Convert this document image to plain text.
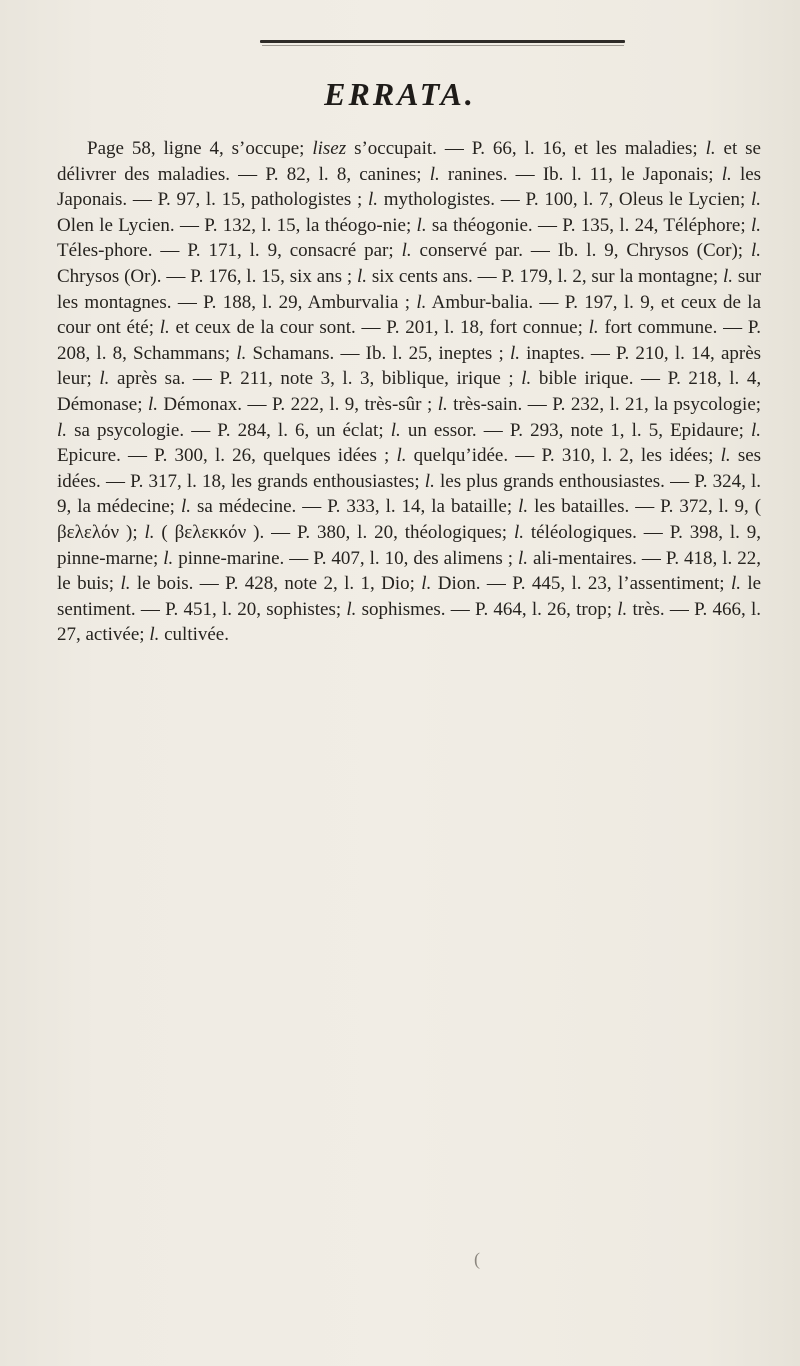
ERRATA.
Page 58, ligne 4, s’occupe; lisez s’occupait. — P. 66, l. 16, et les maladies; l. et se délivrer des maladies. — P. 82, l. 8, canines; l. ranines. — Ib. l. 11, le Japonais; l. les Japonais. — P. 97, l. 15, pathologistes ; l. mythologistes. — P. 100, l. 7, Oleus le Lycien; l. Olen le Lycien. — P. 132, l. 15, la théogo-nie; l. sa théogonie. — P. 135, l. 24, Téléphore; l. Téles-phore. — P. 171, l. 9, consacré par; l. conservé par. — Ib. l. 9, Chrysos (Cor); l. Chrysos (Or). — P. 176, l. 15, six ans ; l. six cents ans. — P. 179, l. 2, sur la montagne; l. sur les montagnes. — P. 188, l. 29, Amburvalia ; l. Ambur-balia. — P. 197, l. 9, et ceux de la cour ont été; l. et ceux de la cour sont. — P. 201, l. 18, fort connue; l. fort commune. — P. 208, l. 8, Schammans; l. Schamans. — Ib. l. 25, ineptes ; l. inaptes. — P. 210, l. 14, après leur; l. après sa. — P. 211, note 3, l. 3, biblique, irique ; l. bible irique. — P. 218, l. 4, Démonase; l. Démonax. — P. 222, l. 9, très-sûr ; l. très-sain. — P. 232, l. 21, la psycologie; l. sa psycologie. — P. 284, l. 6, un éclat; l. un essor. — P. 293, note 1, l. 5, Epidaure; l. Epicure. — P. 300, l. 26, quelques idées ; l. quelqu’idée. — P. 310, l. 2, les idées; l. ses idées. — P. 317, l. 18, les grands enthousiastes; l. les plus grands enthousiastes. — P. 324, l. 9, la médecine; l. sa médecine. — P. 333, l. 14, la bataille; l. les batailles. — P. 372, l. 9, ( βελελόν ); l. ( βελεκκόν ). — P. 380, l. 20, théologiques; l. téléologiques. — P. 398, l. 9, pinne-marne; l. pinne-marine. — P. 407, l. 10, des alimens ; l. ali-mentaires. — P. 418, l. 22, le buis; l. le bois. — P. 428, note 2, l. 1, Dio; l. Dion. — P. 445, l. 23, l’assentiment; l. le sentiment. — P. 451, l. 20, sophistes; l. sophismes. — P. 464, l. 26, trop; l. très. — P. 466, l. 27, activée; l. cultivée.
(
